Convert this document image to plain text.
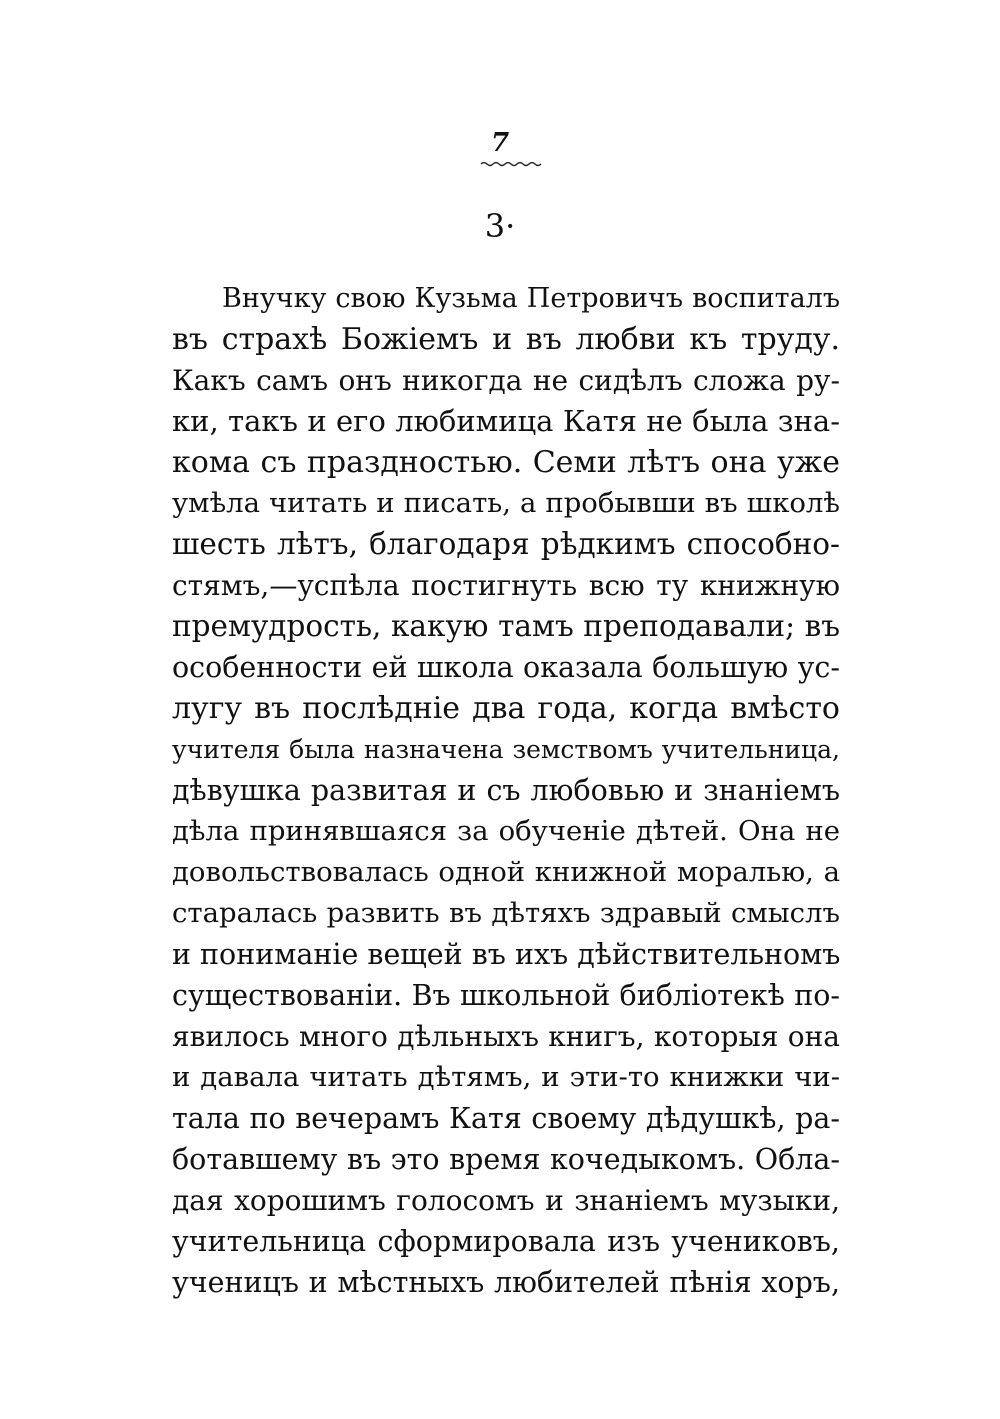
7
3·
Внучку свою Кузьма Петровичъ воспиталъ
въ страхѣ Божіемъ и въ любви къ труду.
Какъ самъ онъ никогда не сидѣлъ сложа ру-
ки, такъ и его любимица Катя не была зна-
кома съ праздностью. Семи лѣтъ она уже
умѣла читать и писать, а пробывши въ школѣ
шесть лѣтъ, благодаря рѣдкимъ способно-
стямъ,—успѣла постигнуть всю ту книжную
премудрость, какую тамъ преподавали; въ
особенности ей школа оказала большую ус-
лугу въ послѣдніе два года, когда вмѣсто
учителя была назначена земствомъ учительница,
дѣвушка развитая и съ любовью и знаніемъ
дѣла принявшаяся за обученіе дѣтей. Она не
довольствовалась одной книжной моралью, а
старалась развить въ дѣтяхъ здравый смыслъ
и пониманіе вещей въ ихъ дѣйствительномъ
существованіи. Въ школьной библіотекѣ по-
явилось много дѣльныхъ книгъ, которыя она
и давала читать дѣтямъ, и эти-то книжки чи-
тала по вечерамъ Катя своему дѣдушкѣ, ра-
ботавшему въ это время кочедыкомъ. Обла-
дая хорошимъ голосомъ и знаніемъ музыки,
учительница сформировала изъ учениковъ,
ученицъ и мѣстныхъ любителей пѣнія хоръ,
